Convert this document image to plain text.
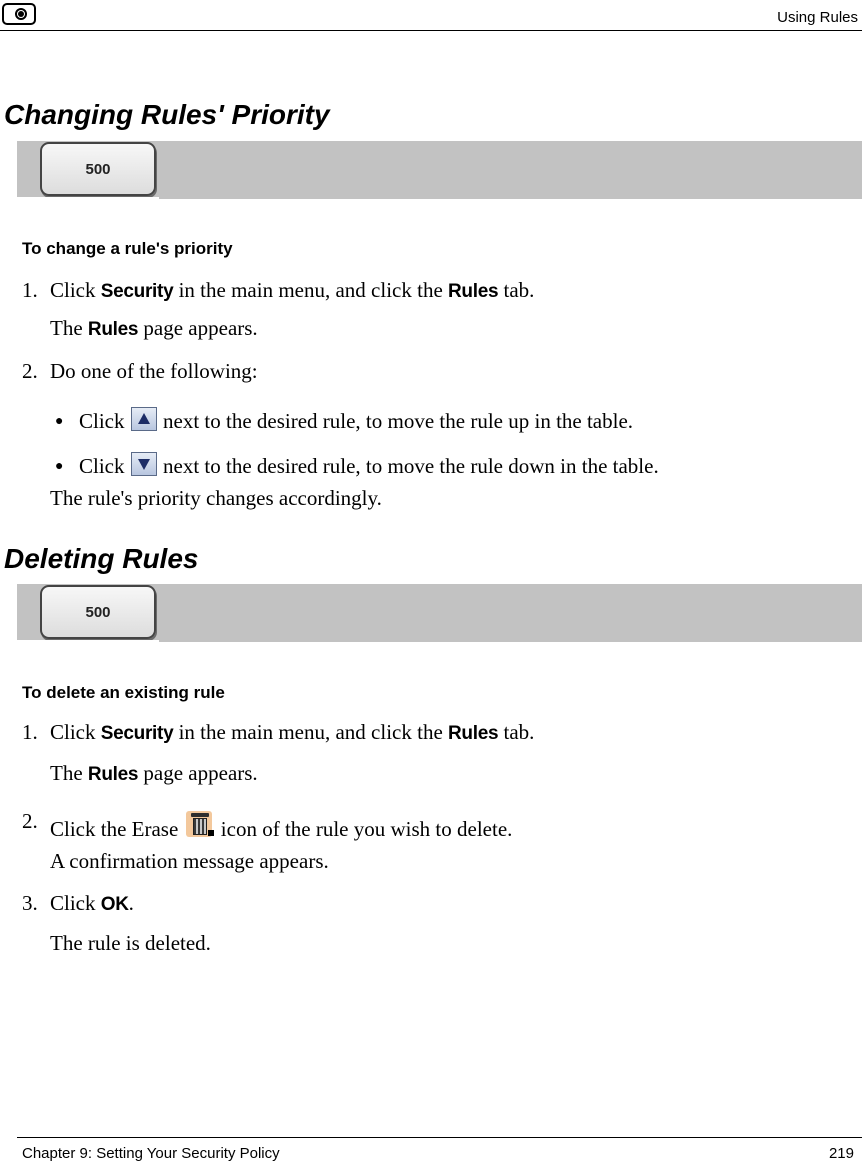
Using Rules
Changing Rules' Priority
500
To change a rule's priority
1. Click Security in the main menu, and click the Rules tab.
The Rules page appears.
2. Do one of the following:
● Click  next to the desired rule, to move the rule up in the table.
● Click  next to the desired rule, to move the rule down in the table.
The rule's priority changes accordingly.
Deleting Rules
500
To delete an existing rule
1. Click Security in the main menu, and click the Rules tab.
The Rules page appears.
2. Click the Erase
icon of the rule you wish to delete.
A confirmation message appears.
3. Click OK.
The rule is deleted.
Chapter 9: Setting Your Security Policy	219
